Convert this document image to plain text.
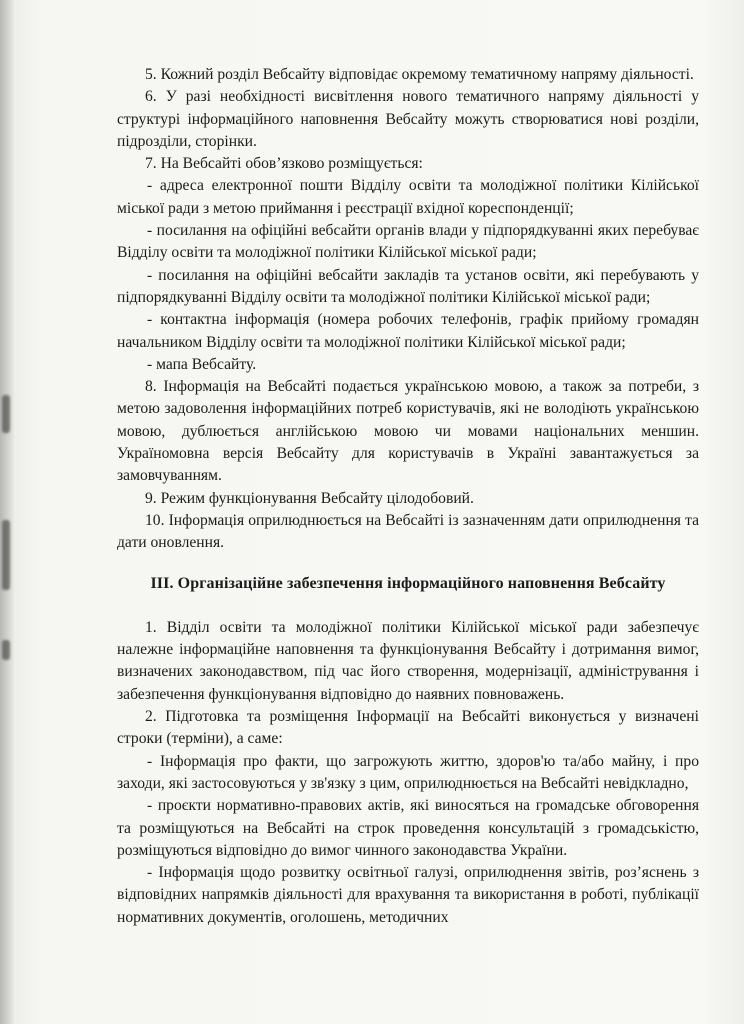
5. Кожний розділ Вебсайту відповідає окремому тематичному напряму діяльності.

6. У разі необхідності висвітлення нового тематичного напряму діяльності у структурі інформаційного наповнення Вебсайту можуть створюватися нові розділи, підрозділи, сторінки.

7. На Вебсайті обов’язково розміщується:

- адреса електронної пошти Відділу освіти та молодіжної політики Кілійської міської ради з метою приймання і реєстрації вхідної кореспонденції;

- посилання на офіційні вебсайти органів влади у підпорядкуванні яких перебуває Відділу освіти та молодіжної політики Кілійської міської ради;

- посилання на офіційні вебсайти закладів та установ освіти, які перебувають у підпорядкуванні Відділу освіти та молодіжної політики Кілійської міської ради;

- контактна інформація (номера робочих телефонів, графік прийому громадян начальником Відділу освіти та молодіжної політики Кілійської міської ради;

- мапа Вебсайту.

8. Інформація на Вебсайті подається українською мовою, а також за потреби, з метою задоволення інформаційних потреб користувачів, які не володіють українською мовою, дублюється англійською мовою чи мовами національних меншин. Україномовна версія Вебсайту для користувачів в Україні завантажується за замовчуванням.

9. Режим функціонування Вебсайту цілодобовий.

10. Інформація оприлюднюється на Вебсайті із зазначенням дати оприлюднення та дати оновлення.

ІІІ. Організаційне забезпечення інформаційного наповнення Вебсайту

1. Відділ освіти та молодіжної політики Кілійської міської ради забезпечує належне інформаційне наповнення та функціонування Вебсайту і дотримання вимог, визначених законодавством, під час його створення, модернізації, адміністрування і забезпечення функціонування відповідно до наявних повноважень.

2. Підготовка та розміщення Інформації на Вебсайті виконується у визначені строки (терміни), а саме:

- Інформація про факти, що загрожують життю, здоров'ю та/або майну, і про заходи, які застосовуються у зв'язку з цим, оприлюднюється на Вебсайті невідкладно,

- проєкти нормативно-правових актів, які виносяться на громадське обговорення та розміщуються на Вебсайті на строк проведення консультацій з громадськістю, розміщуються відповідно до вимог чинного законодавства України.

- Інформація щодо розвитку освітньої галузі, оприлюднення звітів, роз’яснень з відповідних напрямків діяльності для врахування та використання в роботі, публікації нормативних документів, оголошень, методичних
